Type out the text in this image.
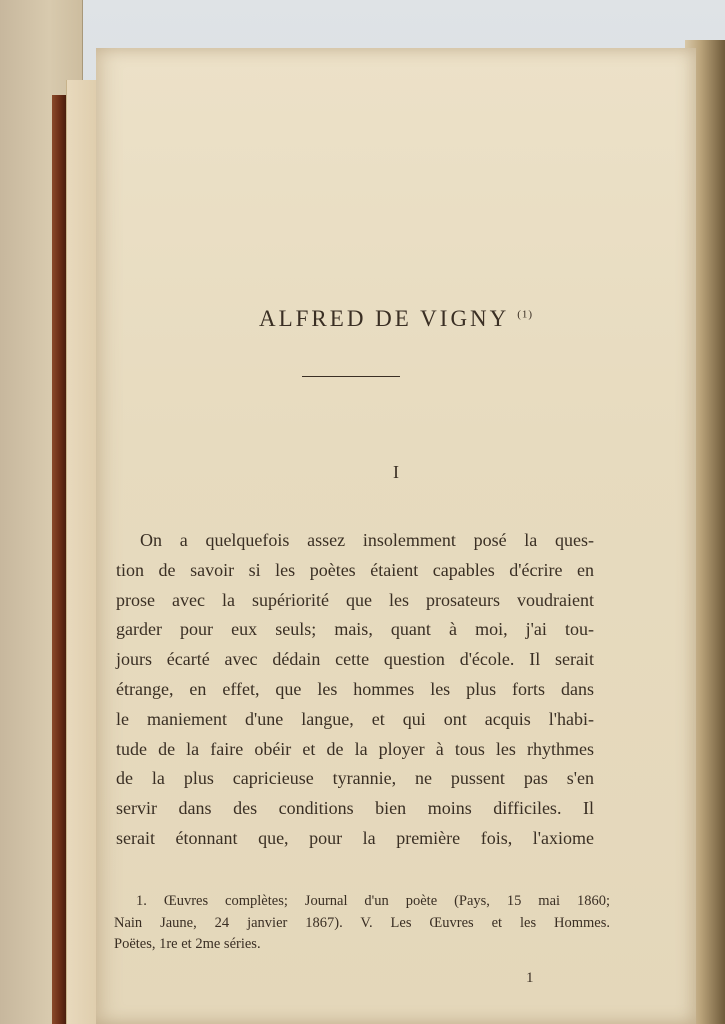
ALFRED DE VIGNY $^{(1)}$
I
On a quelquefois assez insolemment posé la ques-
tion de savoir si les poètes étaient capables d'écrire en
prose avec la supériorité que les prosateurs voudraient
garder pour eux seuls; mais, quant à moi, j'ai tou-
jours écarté avec dédain cette question d'école. Il serait
étrange, en effet, que les hommes les plus forts dans
le maniement d'une langue, et qui ont acquis l'habi-
tude de la faire obéir et de la ployer à tous les rhythmes
de la plus capricieuse tyrannie, ne pussent pas s'en
servir dans des conditions bien moins difficiles. Il
serait étonnant que, pour la première fois, l'axiome
1. Œuvres complètes; Journal d'un poète (Pays, 15 mai 1860;
Nain Jaune, 24 janvier 1867). V. Les Œuvres et les Hommes.
Poëtes, 1re et 2me séries.
1
